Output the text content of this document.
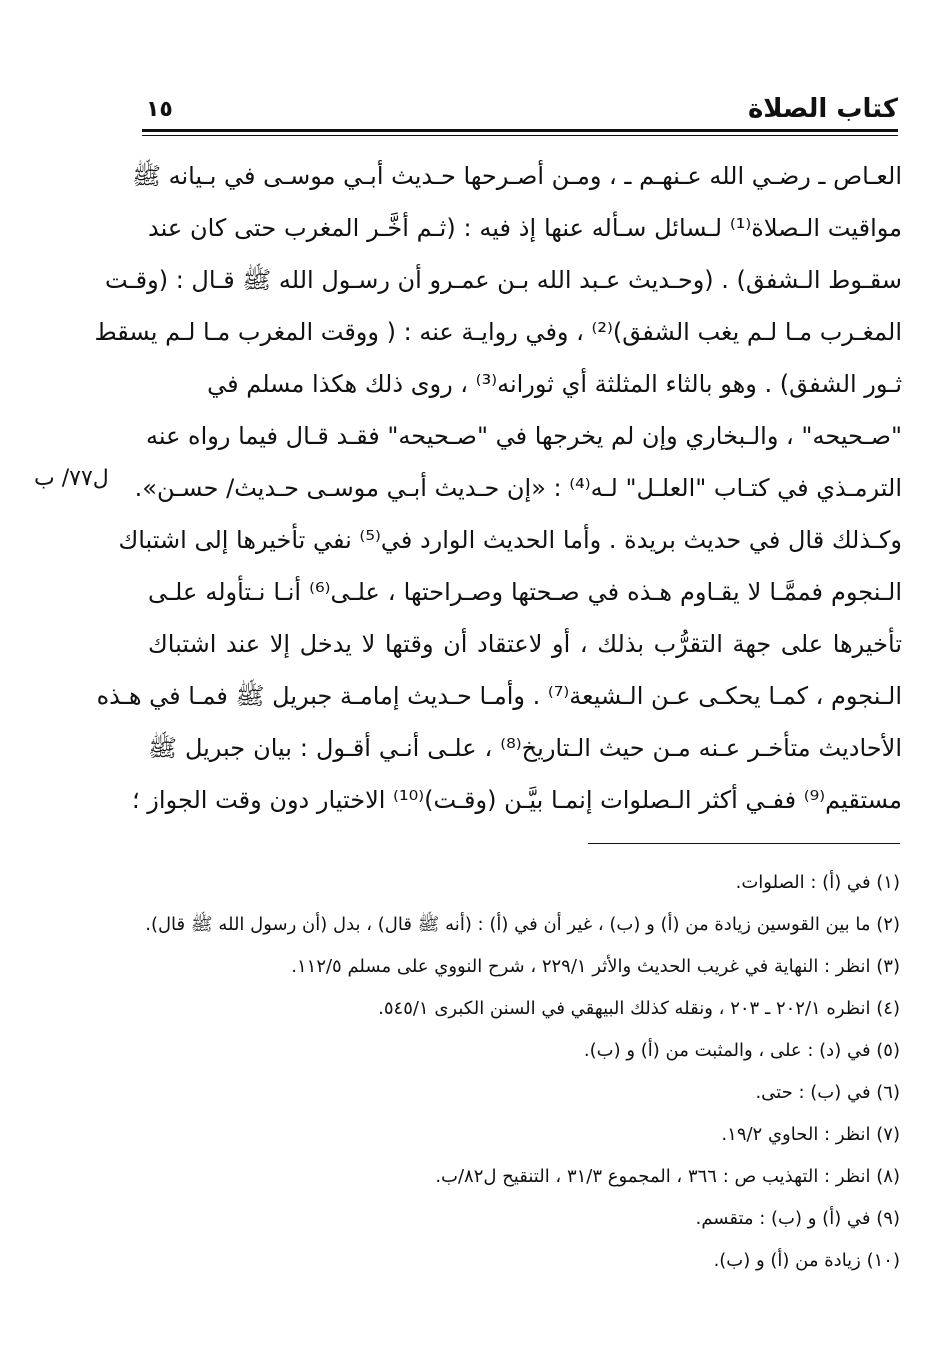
١٥	كتاب الصلاة
العـاص ـ رضـي الله عـنهـم ـ ، ومـن أصـرحها حـديث أبـي موسـى في بـيانه ﷺ
مواقيت الـصلاة⁽¹⁾ لـسائل سـأله عنها إذ فيه : (ثـم أخَّـر المغرب حتى كان عند
سقـوط الـشفق) . (وحـديث عـبد الله بـن عمـرو أن رسـول الله ﷺ قـال : (وقـت
المغـرب مـا لـم يغب الشفق)⁽²⁾ ، وفي روايـة عنه : ( ووقت المغرب مـا لـم يسقط
ثـور الشفق) . وهو بالثاء المثلثة أي ثورانه⁽³⁾ ، روى ذلك هكذا مسلم في
"صـحيحه" ، والـبخاري وإن لم يخرجها في "صـحيحه" فقـد قـال فيما رواه عنه
الترمـذي في كتـاب "العلـل" لـه⁽⁴⁾ : «إن حـديث أبـي موسـى حـديث/ حسـن».
وكـذلك قال في حديث بريدة . وأما الحديث الوارد في⁽⁵⁾ نفي تأخيرها إلى اشتباك
الـنجوم فممَّـا لا يقـاوم هـذه في صـحتها وصـراحتها ، علـى⁽⁶⁾ أنـا نـتأوله علـى
تأخيرها على جهة التقرُّب بذلك ، أو لاعتقاد أن وقتها لا يدخل إلا عند اشتباك
الـنجوم ، كمـا يحكـى عـن الـشيعة⁽⁷⁾ . وأمـا حـديث إمامـة جبريل ﷺ فمـا في هـذه
الأحاديث متأخـر عـنه مـن حيث الـتاريخ⁽⁸⁾ ، علـى أنـي أقـول : بيان جبريل ﷺ
مستقيم⁽⁹⁾ ففـي أكثر الـصلوات إنمـا بيَّـن (وقـت)⁽¹⁰⁾ الاختيار دون وقت الجواز ؛
ل٧٧/ ب
(١) في (أ) : الصلوات.
(٢) ما بين القوسين زيادة من (أ) و (ب) ، غير أن في (أ) : (أنه ﷺ قال) ، بدل (أن رسول الله ﷺ قال).
(٣) انظر : النهاية في غريب الحديث والأثر ٢٢٩/١ ، شرح النووي على مسلم ١١٢/٥.
(٤) انظره ٢٠٢/١ ـ ٢٠٣ ، ونقله كذلك البيهقي في السنن الكبرى ٥٤٥/١.
(٥) في (د) : على ، والمثبت من (أ) و (ب).
(٦) في (ب) : حتى.
(٧) انظر : الحاوي ١٩/٢.
(٨) انظر : التهذيب ص : ٣٦٦ ، المجموع ٣١/٣ ، التنقيح ل٨٢/ب.
(٩) في (أ) و (ب) : متقسم.
(١٠) زيادة من (أ) و (ب).
